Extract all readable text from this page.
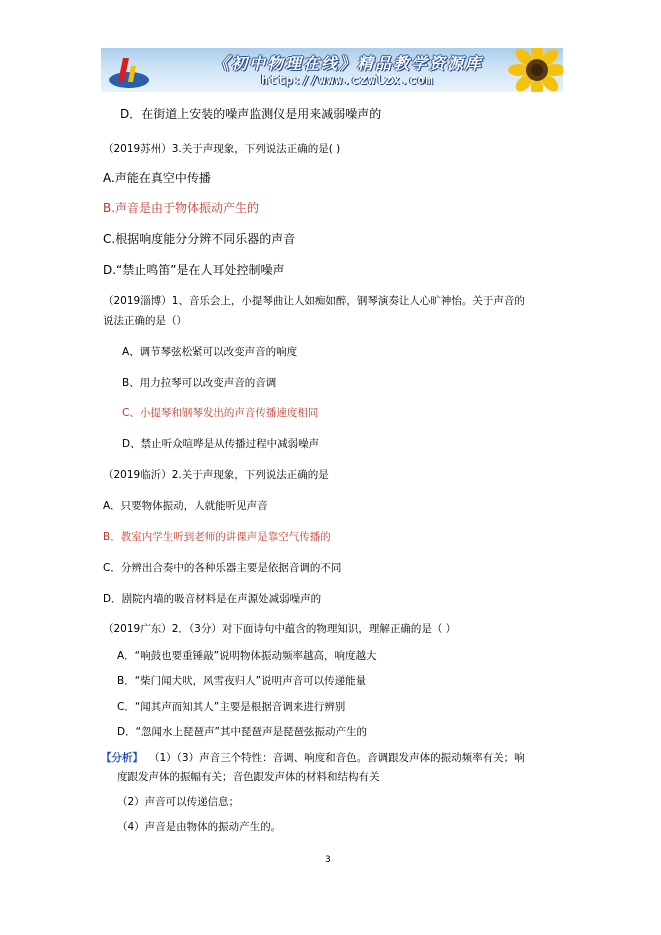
《初中物理在线》精品教学资源库
http://www.czwlzx.com
D．在街道上安装的噪声监测仪是用来减弱噪声的
（2019苏州）3.关于声现象，下列说法正确的是( )
A.声能在真空中传播
B.声音是由于物体振动产生的
C.根据响度能分分辨不同乐器的声音
D.“禁止鸣笛”是在人耳处控制噪声
（2019淄博）1、音乐会上，小提琴曲让人如痴如醉，钢琴演奏让人心旷神怡。关于声音的
说法正确的是（）
A、调节琴弦松紧可以改变声音的响度
B、用力拉琴可以改变声音的音调
C、小提琴和钢琴发出的声音传播速度相同
D、禁止听众喧哗是从传播过程中减弱噪声
（2019临沂）2.关于声现象，下列说法正确的是
A．只要物体振动，人就能听见声音
B．教室内学生听到老师的讲课声是靠空气传播的
C．分辨出合奏中的各种乐器主要是依据音调的不同
D．剧院内墙的吸音材料是在声源处减弱噪声的
（2019广东）2．（3分）对下面诗句中蕴含的物理知识，理解正确的是（ ）
A．“响鼓也要重锤敲”说明物体振动频率越高，响度越大
B．“柴门闻犬吠，风雪夜归人”说明声音可以传递能量
C．“闻其声而知其人”主要是根据音调来进行辨别
D．“忽闻水上琵琶声”其中琵琶声是琵琶弦振动产生的
【分析】 （1）（3）声音三个特性：音调、响度和音色。音调跟发声体的振动频率有关；响
度跟发声体的振幅有关；音色跟发声体的材料和结构有关
（2）声音可以传递信息；
（4）声音是由物体的振动产生的。
3
